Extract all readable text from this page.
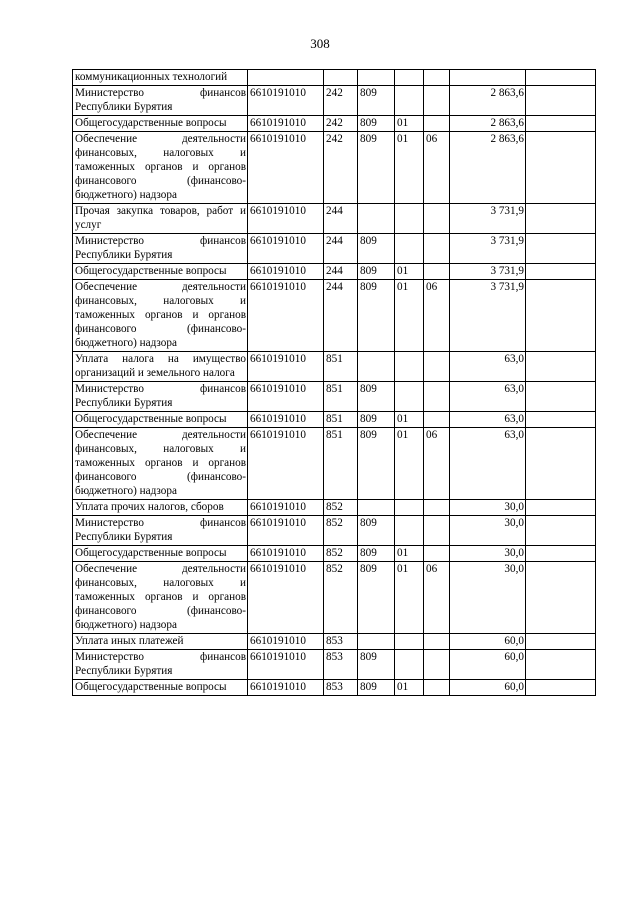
308
коммуникационных технологий							
Министерство финансов Республики Бурятия	6610191010	242	809			2 863,6	
Общегосударственные вопросы	6610191010	242	809	01		2 863,6	
Обеспечение деятельности финансовых, налоговых и таможенных органов и органов финансового (финансово-бюджетного) надзора	6610191010	242	809	01	06	2 863,6	
Прочая закупка товаров, работ и услуг	6610191010	244				3 731,9	
Министерство финансов Республики Бурятия	6610191010	244	809			3 731,9	
Общегосударственные вопросы	6610191010	244	809	01		3 731,9	
Обеспечение деятельности финансовых, налоговых и таможенных органов и органов финансового (финансово-бюджетного) надзора	6610191010	244	809	01	06	3 731,9	
Уплата налога на имущество организаций и земельного налога	6610191010	851				63,0	
Министерство финансов Республики Бурятия	6610191010	851	809			63,0	
Общегосударственные вопросы	6610191010	851	809	01		63,0	
Обеспечение деятельности финансовых, налоговых и таможенных органов и органов финансового (финансово-бюджетного) надзора	6610191010	851	809	01	06	63,0	
Уплата прочих налогов, сборов	6610191010	852				30,0	
Министерство финансов Республики Бурятия	6610191010	852	809			30,0	
Общегосударственные вопросы	6610191010	852	809	01		30,0	
Обеспечение деятельности финансовых, налоговых и таможенных органов и органов финансового (финансово-бюджетного) надзора	6610191010	852	809	01	06	30,0	
Уплата иных платежей	6610191010	853				60,0	
Министерство финансов Республики Бурятия	6610191010	853	809			60,0	
Общегосударственные вопросы	6610191010	853	809	01		60,0	
